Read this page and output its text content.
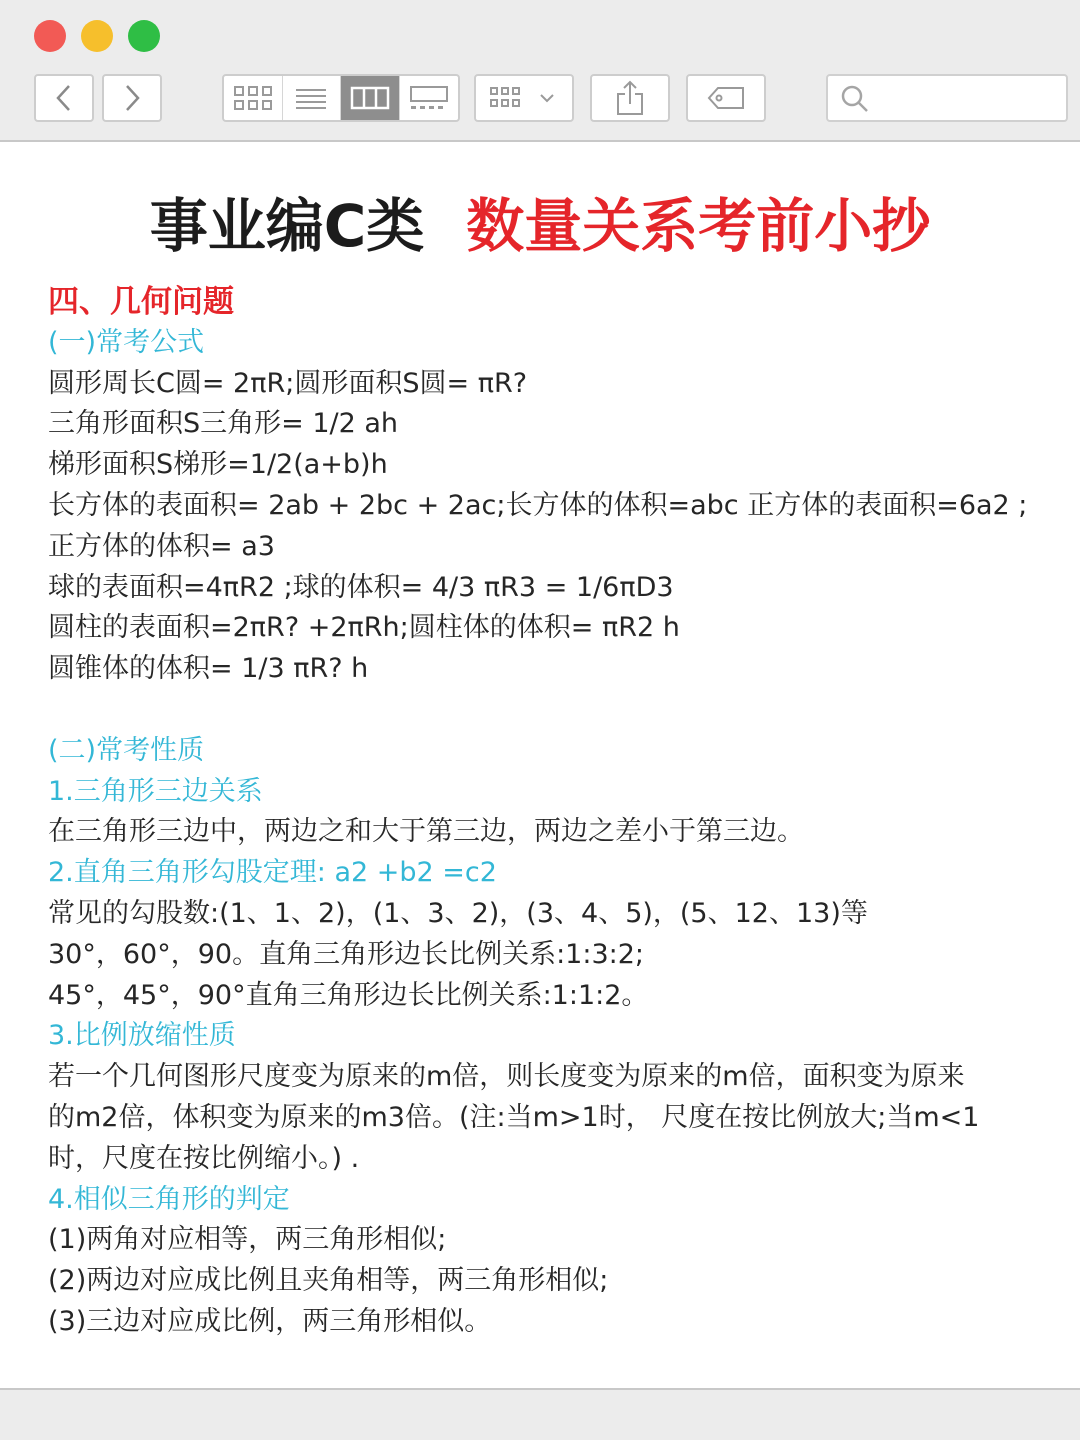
事业编C类 数量关系考前小抄
四、几何问题
(一)常考公式
圆形周长C圆= 2πR;圆形面积S圆= πR?
三角形面积S三角形= 1/2 ah
梯形面积S梯形=1/2(a+b)h
长方体的表面积= 2ab + 2bc + 2ac;长方体的体积=abc 正方体的表面积=6a2 ;
正方体的体积= a3
球的表面积=4πR2 ;球的体积= 4/3 πR3 = 1/6πD3
圆柱的表面积=2πR? +2πRh;圆柱体的体积= πR2 h
圆锥体的体积= 1/3 πR? h
(二)常考性质
1.三角形三边关系
在三角形三边中，两边之和大于第三边，两边之差小于第三边。
2.直角三角形勾股定理: a2 +b2 =c2
常见的勾股数:(1、1、2)，(1、3、2)，(3、4、5)，(5、12、13)等
30°，60°，90。直角三角形边长比例关系:1:3:2;
45°，45°，90°直角三角形边长比例关系:1:1:2。
3.比例放缩性质
若一个几何图形尺度变为原来的m倍，则长度变为原来的m倍，面积变为原来
的m2倍，体积变为原来的m3倍。(注:当m>1时， 尺度在按比例放大;当m<1
时，尺度在按比例缩小。) .
4.相似三角形的判定
(1)两角对应相等，两三角形相似;
(2)两边对应成比例且夹角相等，两三角形相似;
(3)三边对应成比例，两三角形相似。
